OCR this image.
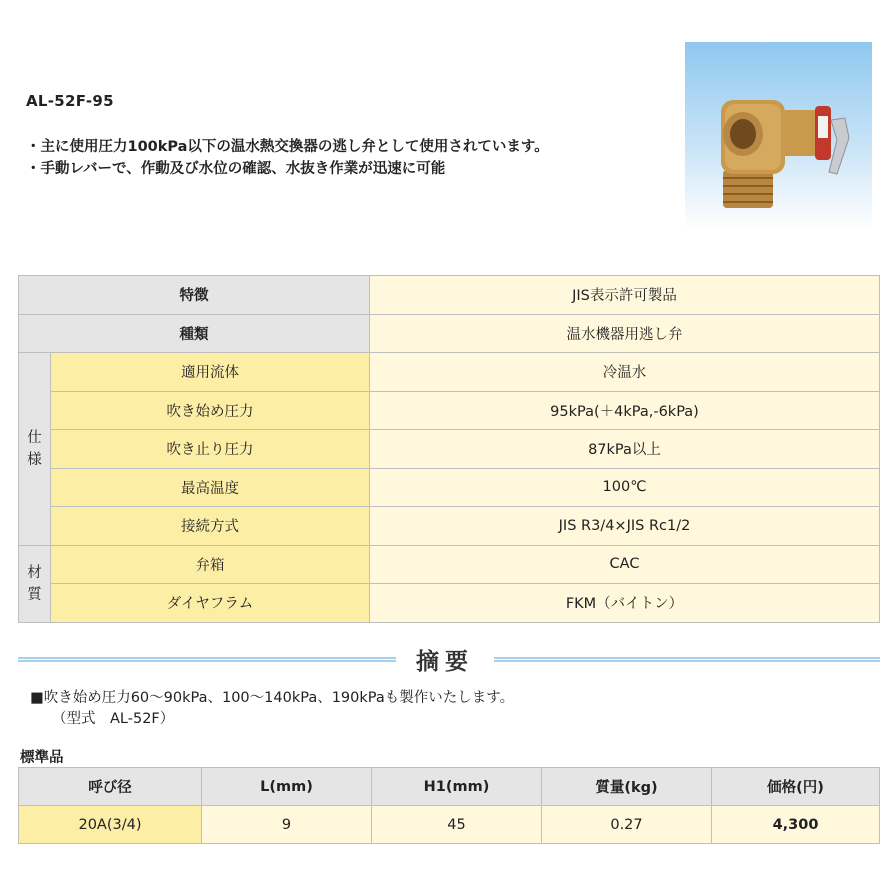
AL-52F-95
・主に使用圧力100kPa以下の温水熱交換器の逃し弁として使用されています。
・手動レバーで、作動及び水位の確認、水抜き作業が迅速に可能
特徴		JIS表示許可製品
種類		温水機器用逃し弁
仕
様	適用流体	冷温水
	吹き始め圧力	95kPa(＋4kPa,-6kPa)
	吹き止り圧力	87kPa以上
	最高温度	100℃
	接続方式	JIS R3/4×JIS Rc1/2
材
質	弁箱	CAC
	ダイヤフラム	FKM（バイトン）
摘要
■吹き始め圧力60～90kPa、100～140kPa、190kPaも製作いたします。
（型式　AL-52F）
標準品
呼び径	L(mm)	H1(mm)	質量(kg)	価格(円)
20A(3/4)	9	45	0.27	4,300
